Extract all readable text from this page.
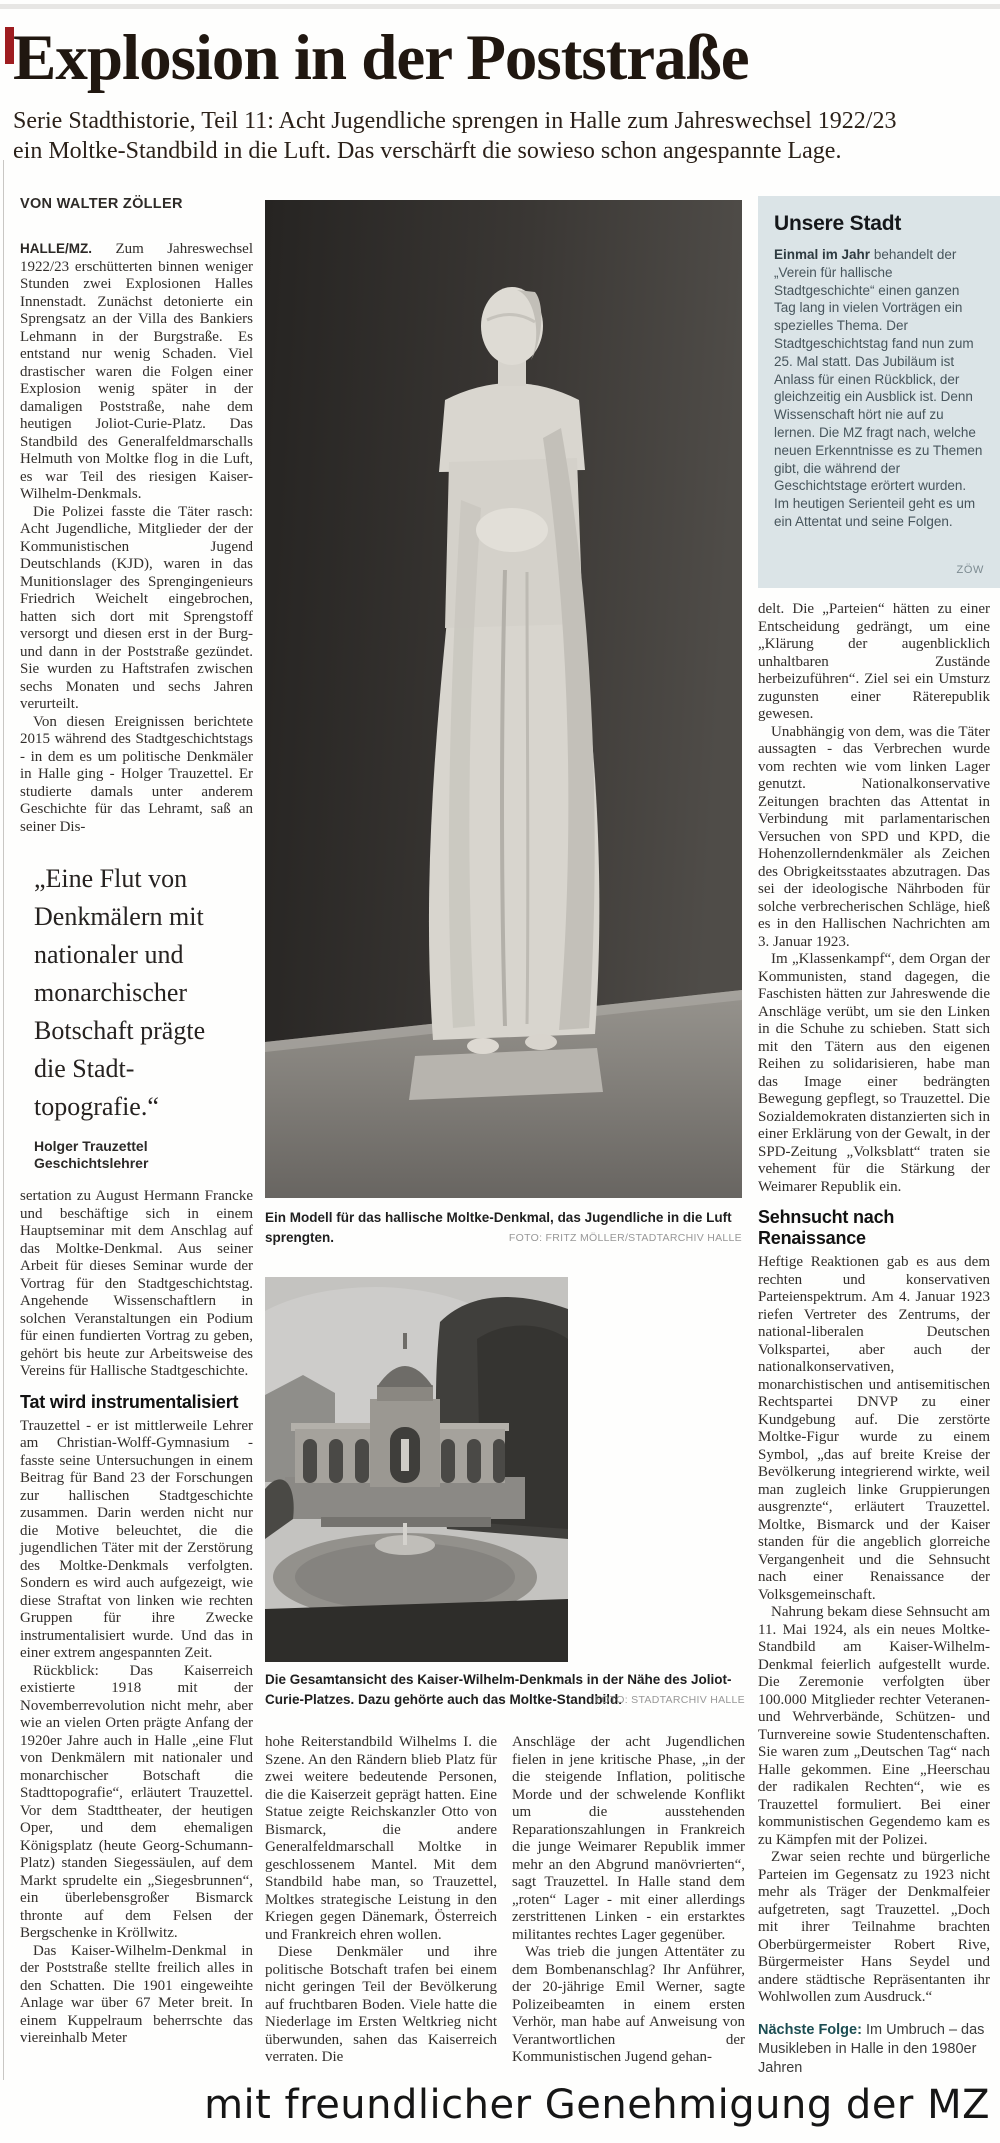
Explosion in der Poststraße
Serie Stadthistorie, Teil 11: Acht Jugendliche sprengen in Halle zum Jahreswechsel 1922/23
ein Moltke-Standbild in die Luft. Das verschärft die sowieso schon angespannte Lage.
VON WALTER ZÖLLER

HALLE/MZ. Zum Jahreswechsel 1922/23 erschütterten binnen weniger Stunden zwei Explosionen Halles Innenstadt. Zunächst detonierte ein Sprengsatz an der Villa des Bankiers Lehmann in der Burgstraße. Es entstand nur wenig Schaden. Viel drastischer waren die Folgen einer Explosion wenig später in der damaligen Poststraße, nahe dem heutigen Joliot-Curie-Platz. Das Standbild des Generalfeldmarschalls Helmuth von Moltke flog in die Luft, es war Teil des riesigen Kaiser-Wilhelm-Denkmals.

Die Polizei fasste die Täter rasch: Acht Jugendliche, Mitglieder der der Kommunistischen Jugend Deutschlands (KJD), waren in das Munitionslager des Sprengingenieurs Friedrich Weichelt eingebrochen, hatten sich dort mit Sprengstoff versorgt und diesen erst in der Burg- und dann in der Poststraße gezündet. Sie wurden zu Haftstrafen zwischen sechs Monaten und sechs Jahren verurteilt.

Von diesen Ereignissen berichtete 2015 während des Stadtgeschichtstags - in dem es um politische Denkmäler in Halle ging - Holger Trauzettel. Er studierte damals unter anderem Geschichte für das Lehramt, saß an seiner Dis-

„Eine Flut von
Denkmälern mit
nationaler und
monarchischer
Botschaft prägte
die Stadt-
topografie.“
Holger Trauzettel
Geschichtslehrer

sertation zu August Hermann Francke und beschäftige sich in einem Hauptseminar mit dem Anschlag auf das Moltke-Denkmal. Aus seiner Arbeit für dieses Seminar wurde der Vortrag für den Stadtgeschichtstag. Angehende Wissenschaftlern in solchen Veranstaltungen ein Podium für einen fundierten Vortrag zu geben, gehört bis heute zur Arbeitsweise des Vereins für Hallische Stadtgeschichte.

Tat wird instrumentalisiert

Trauzettel - er ist mittlerweile Lehrer am Christian-Wolff-Gymnasium - fasste seine Untersuchungen in einem Beitrag für Band 23 der Forschungen zur hallischen Stadtgeschichte zusammen. Darin werden nicht nur die Motive beleuchtet, die die jugendlichen Täter mit der Zerstörung des Moltke-Denkmals verfolgten. Sondern es wird auch aufgezeigt, wie diese Straftat von linken wie rechten Gruppen für ihre Zwecke instrumentalisiert wurde. Und das in einer extrem angespannten Zeit.

Rückblick: Das Kaiserreich existierte 1918 mit der Novemberrevolution nicht mehr, aber wie an vielen Orten prägte Anfang der 1920er Jahre auch in Halle „eine Flut von Denkmälern mit nationaler und monarchischer Botschaft die Stadttopografie“, erläutert Trauzettel. Vor dem Stadttheater, der heutigen Oper, und dem ehemaligen Königsplatz (heute Georg-Schumann-Platz) standen Siegessäulen, auf dem Markt sprudelte ein „Siegesbrunnen“, ein überlebensgroßer Bismarck thronte auf dem Felsen der Bergschenke in Kröllwitz.

Das Kaiser-Wilhelm-Denkmal in der Poststraße stellte freilich alles in den Schatten. Die 1901 eingeweihte Anlage war über 67 Meter breit. In einem Kuppelraum beherrschte das viereinhalb Meter

Ein Modell für das hallische Moltke-Denkmal, das Jugendliche in die Luft sprengten.	FOTO: FRITZ MÖLLER/STADTARCHIV HALLE
Unsere Stadt

Einmal im Jahr behandelt der „Verein für hallische Stadtgeschichte“ einen ganzen Tag lang in vielen Vorträgen ein spezielles Thema. Der Stadtgeschichtstag fand nun zum 25. Mal statt. Das Jubiläum ist Anlass für einen Rückblick, der gleichzeitig ein Ausblick ist. Denn Wissenschaft hört nie auf zu lernen. Die MZ fragt nach, welche neuen Erkenntnisse es zu Themen gibt, die während der Geschichtstage erörtert wurden. Im heutigen Serienteil geht es um ein Attentat und seine Folgen.

ZÖW

delt. Die „Parteien“ hätten zu einer Entscheidung gedrängt, um eine „Klärung der augenblicklich unhaltbaren Zustände herbeizuführen“. Ziel sei ein Umsturz zugunsten einer Räterepublik gewesen.

Unabhängig von dem, was die Täter aussagten - das Verbrechen wurde vom rechten wie vom linken Lager genutzt. Nationalkonservative Zeitungen brachten das Attentat in Verbindung mit parlamentarischen Versuchen von SPD und KPD, die Hohenzollerndenkmäler als Zeichen des Obrigkeitsstaates abzutragen. Das sei der ideologische Nährboden für solche verbrecherischen Schläge, hieß es in den Hallischen Nachrichten am 3. Januar 1923.

Im „Klassenkampf“, dem Organ der Kommunisten, stand dagegen, die Faschisten hätten zur Jahreswende die Anschläge verübt, um sie den Linken in die Schuhe zu schieben. Statt sich mit den Tätern aus den eigenen Reihen zu solidarisieren, habe man das Image einer bedrängten Bewegung gepflegt, so Trauzettel. Die Sozialdemokraten distanzierten sich in einer Erklärung von der Gewalt, in der SPD-Zeitung „Volksblatt“ traten sie vehement für die Stärkung der Weimarer Republik ein.

Sehnsucht nach Renaissance

Heftige Reaktionen gab es aus dem rechten und konservativen Parteienspektrum. Am 4. Januar 1923 riefen Vertreter des Zentrums, der national-liberalen Deutschen Volkspartei, aber auch der nationalkonservativen, monarchistischen und antisemitischen Rechtspartei DNVP zu einer Kundgebung auf. Die zerstörte Moltke-Figur wurde zu einem Symbol, „das auf breite Kreise der Bevölkerung integrierend wirkte, weil man zugleich linke Gruppierungen ausgrenzte“, erläutert Trauzettel. Moltke, Bismarck und der Kaiser standen für die angeblich glorreiche Vergangenheit und die Sehnsucht nach einer Renaissance der Volksgemeinschaft.

Nahrung bekam diese Sehnsucht am 11. Mai 1924, als ein neues Moltke-Standbild am Kaiser-Wilhelm-Denkmal feierlich aufgestellt wurde. Die Zeremonie verfolgten über 100.000 Mitglieder rechter Veteranen- und Wehrverbände, Schützen- und Turnvereine sowie Studentenschaften. Sie waren zum „Deutschen Tag“ nach Halle gekommen. Eine „Heerschau der radikalen Rechten“, wie es Trauzettel formuliert. Bei einer kommunistischen Gegendemo kam es zu Kämpfen mit der Polizei.

Zwar seien rechte und bürgerliche Parteien im Gegensatz zu 1923 nicht mehr als Träger der Denkmalfeier aufgetreten, sagt Trauzettel. „Doch mit ihrer Teilnahme brachten Oberbürgermeister Robert Rive, Bürgermeister Hans Seydel und andere städtische Repräsentanten ihr Wohlwollen zum Ausdruck.“

Nächste Folge: Im Umbruch – das Musikleben in Halle in den 1980er Jahren
Die Gesamtansicht des Kaiser-Wilhelm-Denkmals in der Nähe des Joliot-Curie-Platzes. Dazu gehörte auch das Moltke-Standbild.
FOTO: STADTARCHIV HALLE

hohe Reiterstandbild Wilhelms I. die Szene. An den Rändern blieb Platz für zwei weitere bedeutende Personen, die die Kaiserzeit geprägt hatten. Eine Statue zeigte Reichskanzler Otto von Bismarck, die andere Generalfeldmarschall Moltke in geschlossenem Mantel. Mit dem Standbild habe man, so Trauzettel, Moltkes strategische Leistung in den Kriegen gegen Dänemark, Österreich und Frankreich ehren wollen.

Diese Denkmäler und ihre politische Botschaft trafen bei einem nicht geringen Teil der Bevölkerung auf fruchtbaren Boden. Viele hatte die Niederlage im Ersten Weltkrieg nicht überwunden, sahen das Kaiserreich verraten. Die

Anschläge der acht Jugendlichen fielen in jene kritische Phase, „in der die steigende Inflation, politische Morde und der schwelende Konflikt um die ausstehenden Reparationszahlungen in Frankreich die junge Weimarer Republik immer mehr an den Abgrund manövrierten“, sagt Trauzettel. In Halle stand dem „roten“ Lager - mit einer allerdings zerstrittenen Linken - ein erstarktes militantes rechtes Lager gegenüber.

Was trieb die jungen Attentäter zu dem Bombenanschlag? Ihr Anführer, der 20-jährige Emil Werner, sagte Polizeibeamten in einem ersten Verhör, man habe auf Anweisung von Verantwortlichen der Kommunistischen Jugend gehan-

mit freundlicher Genehmigung der MZ
